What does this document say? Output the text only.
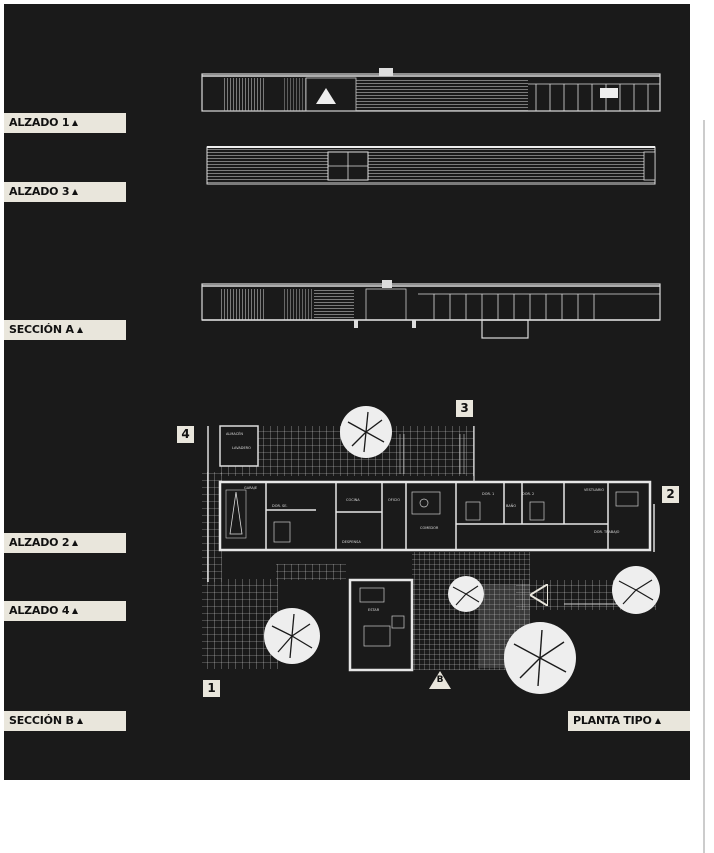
ALMACÉN
LAVADERO
GARAJE
DOR. SE.
COCINA	OFICIO
DOR. 1	DOR. 2
BAÑO
VESTUARIO
DOR. TRABAJO
ESTAR
COMEDOR
DESPENSA
ALZADO 1
ALZADO 3
SECCIÓN A
ALZADO 2
ALZADO 4
SECCIÓN B	PLANTA TIPO
4
3
2
1
B
